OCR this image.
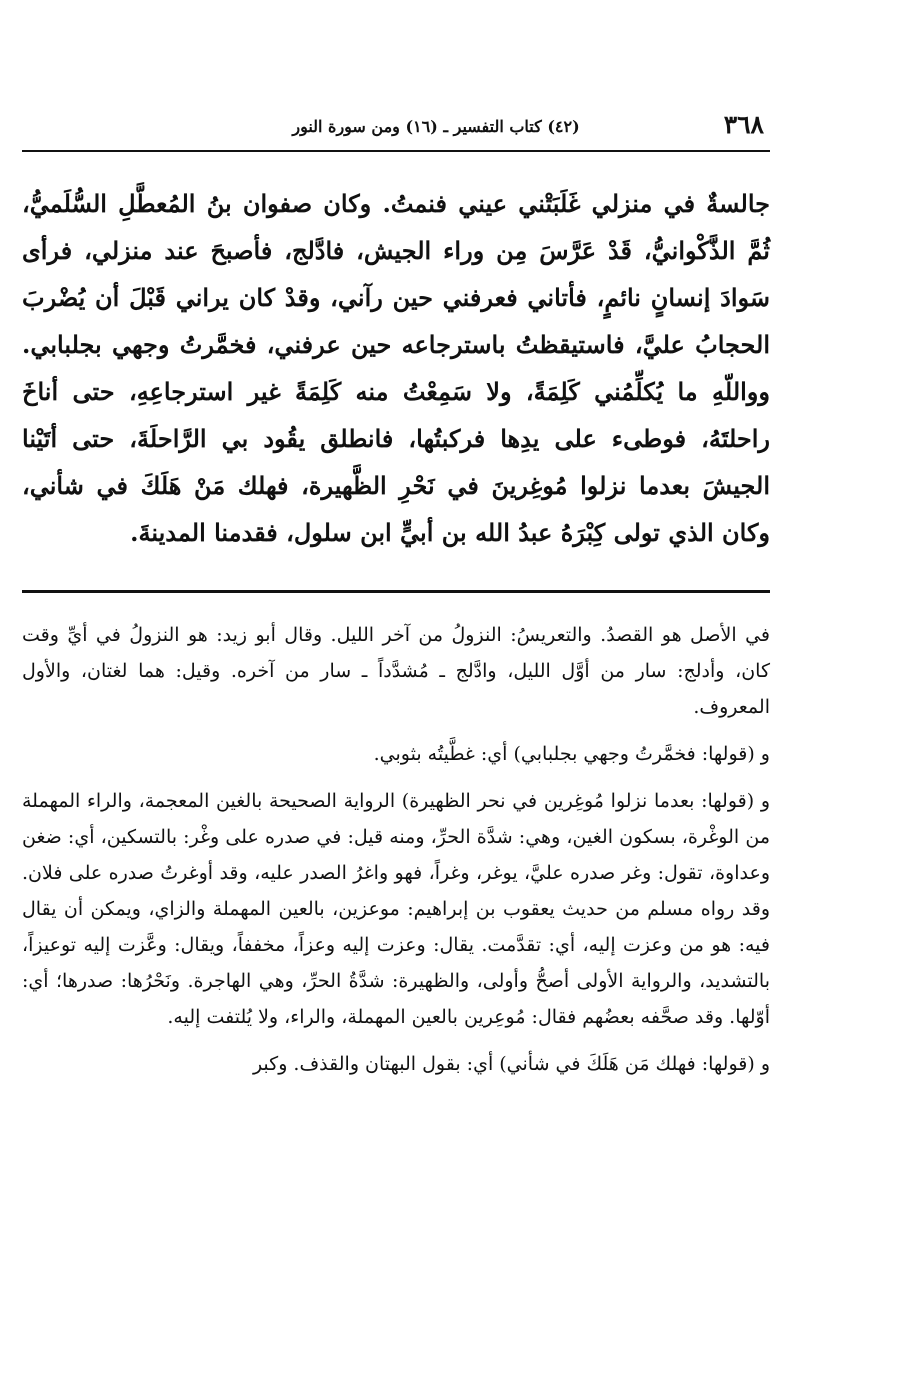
٣٦٨
(٤٢) كتاب التفسير ـ (١٦) ومن سورة النور

جالسةٌ في منزلي غَلَبَتْني عيني فنمتُ. وكان صفوان بنُ المُعطَّلِ السُّلَميُّ، ثُمَّ الذَّكْوانيُّ، قَدْ عَرَّسَ مِن وراء الجيش، فادَّلج، فأصبحَ عند منزلي، فرأى سَوادَ إنسانٍ نائمٍ، فأتاني فعرفني حين رآني، وقدْ كان يراني قَبْلَ أن يُضْربَ الحجابُ عليَّ، فاستيقظتُ باسترجاعه حين عرفني، فخمَّرتُ وجهي بجلبابي. وواللّهِ ما يُكلِّمُني كَلِمَةً، ولا سَمِعْتُ منه كَلِمَةً غير استرجاعِهِ، حتى أناخَ راحلتَهُ، فوطىء على يدِها فركبتُها، فانطلق يقُود بي الرَّاحلَةَ، حتى أتَيْنا الجيشَ بعدما نزلوا مُوغِرينَ في نَحْرِ الظَّهيرة، فهلك مَنْ هَلَكَ في شأني، وكان الذي تولى كِبْرَهُ عبدُ الله بن أبيٍّ ابن سلول، فقدمنا المدينةَ.

في الأصل هو القصدُ. والتعريسُ: النزولُ من آخر الليل. وقال أبو زيد: هو النزولُ في أيِّ وقت كان، وأدلج: سار من أوَّل الليل، وادَّلج ـ مُشدَّداً ـ سار من آخره. وقيل: هما لغتان، والأول المعروف.

و (قولها: فخمَّرتُ وجهي بجلبابي) أي: غطَّيتُه بثوبي.

و (قولها: بعدما نزلوا مُوغِرين في نحر الظهيرة) الرواية الصحيحة بالغين المعجمة، والراء المهملة من الوغْرة، بسكون الغين، وهي: شدَّة الحرِّ، ومنه قيل: في صدره على وغْر: بالتسكين، أي: ضغن وعداوة، تقول: وغر صدره عليَّ، يوغر، وغراً، فهو واغرُ الصدر عليه، وقد أوغرتُ صدره على فلان. وقد رواه مسلم من حديث يعقوب بن إبراهيم: موعزين، بالعين المهملة والزاي، ويمكن أن يقال فيه: هو من وعزت إليه، أي: تقدَّمت. يقال: وعزت إليه وعزاً، مخففاً، ويقال: وعَّزت إليه توعيزاً، بالتشديد، والرواية الأولى أصحُّ وأولى، والظهيرة: شدَّةُ الحرِّ، وهي الهاجرة. ونَحْرُها: صدرها؛ أي: أوّلها. وقد صحَّفه بعضُهم فقال: مُوعِرين بالعين المهملة، والراء، ولا يُلتفت إليه.

و (قولها: فهلك مَن هَلَكَ في شأني) أي: بقول البهتان والقذف. وكبر
